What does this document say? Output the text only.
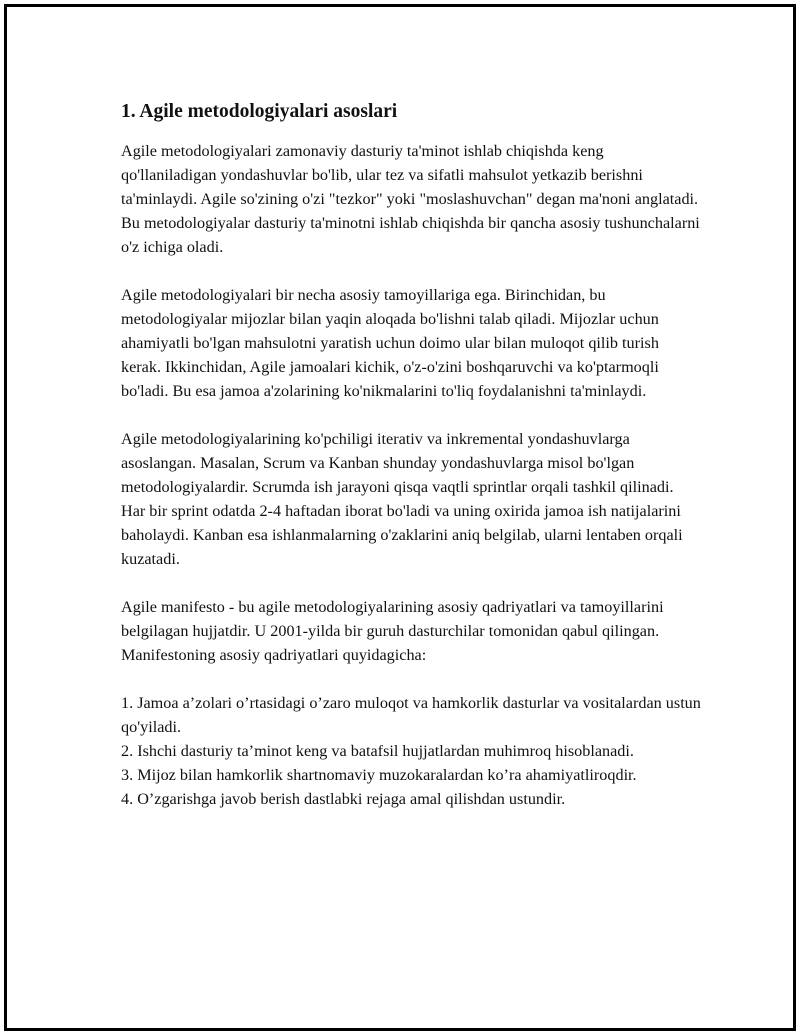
1. Agile metodologiyalari asoslari

Agile metodologiyalari zamonaviy dasturiy ta'minot ishlab chiqishda keng qo'llaniladigan yondashuvlar bo'lib, ular tez va sifatli mahsulot yetkazib berishni ta'minlaydi. Agile so'zining o'zi "tezkor" yoki "moslashuvchan" degan ma'noni anglatadi. Bu metodologiyalar dasturiy ta'minotni ishlab chiqishda bir qancha asosiy tushunchalarni o'z ichiga oladi.

Agile metodologiyalari bir necha asosiy tamoyillariga ega. Birinchidan, bu metodologiyalar mijozlar bilan yaqin aloqada bo'lishni talab qiladi. Mijozlar uchun ahamiyatli bo'lgan mahsulotni yaratish uchun doimo ular bilan muloqot qilib turish kerak. Ikkinchidan, Agile jamoalari kichik, o'z-o'zini boshqaruvchi va ko'ptarmoqli bo'ladi. Bu esa jamoa a'zolarining ko'nikmalarini to'liq foydalanishni ta'minlaydi.

Agile metodologiyalarining ko'pchiligi iterativ va inkremental yondashuvlarga asoslangan. Masalan, Scrum va Kanban shunday yondashuvlarga misol bo'lgan metodologiyalardir. Scrumda ish jarayoni qisqa vaqtli sprintlar orqali tashkil qilinadi. Har bir sprint odatda 2-4 haftadan iborat bo'ladi va uning oxirida jamoa ish natijalarini baholaydi. Kanban esa ishlanmalarning o'zaklarini aniq belgilab, ularni lentaben orqali kuzatadi.

Agile manifesto - bu agile metodologiyalarining asosiy qadriyatlari va tamoyillarini belgilagan hujjatdir. U 2001-yilda bir guruh dasturchilar tomonidan qabul qilingan. Manifestoning asosiy qadriyatlari quyidagicha:

1. Jamoa a’zolari o’rtasidagi o’zaro muloqot va hamkorlik dasturlar va vositalardan ustun qo'yiladi.
2. Ishchi dasturiy ta’minot keng va batafsil hujjatlardan muhimroq hisoblanadi.
3. Mijoz bilan hamkorlik shartnomaviy muzokaralardan ko’ra ahamiyatliroqdir.
4. O’zgarishga javob berish dastlabki rejaga amal qilishdan ustundir.
